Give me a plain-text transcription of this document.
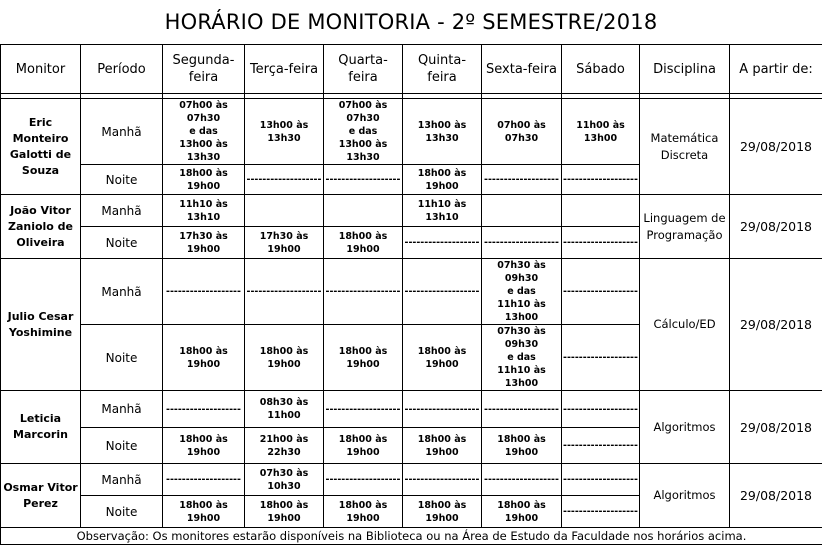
HORÁRIO DE MONITORIA - 2º SEMESTRE/2018
Monitor	Período	Segunda-
feira	Terça-feira	Quarta-
feira	Quinta-
feira	Sexta-feira	Sábado	Disciplina	A partir de:

Eric Monteiro
Galotti de
Souza	Manhã	07h00 às 07h30
e das
13h00 às 13h30	13h00 às 13h30	07h00 às 07h30
e das
13h00 às 13h30	13h00 às 13h30	07h00 às 07h30	11h00 às 13h00	Matemática
Discreta	29/08/2018
	Noite	18h00 às 19h00	-------------------	-------------------	18h00 às 19h00	-------------------	-------------------		
João Vitor
Zaniolo de
Oliveira	Manhã	11h10 às 13h10			11h10 às 13h10			Linguagem de
Programação	29/08/2018
	Noite	17h30 às 19h00	17h30 às 19h00	18h00 às 19h00	-------------------	-------------------	-------------------		
Julio Cesar
Yoshimine	Manhã	-------------------	-------------------	-------------------	-------------------	07h30 às 09h30
e das
11h10 às 13h00	-------------------	Cálculo/ED	29/08/2018
	Noite	18h00 às 19h00	18h00 às 19h00	18h00 às 19h00	18h00 às 19h00	07h30 às 09h30
e das
11h10 às 13h00	-------------------		
Leticia
Marcorin	Manhã	-------------------	08h30 às 11h00	-------------------	-------------------	-------------------	-------------------	Algoritmos	29/08/2018
	Noite	18h00 às 19h00	21h00 às 22h30	18h00 às 19h00	18h00 às 19h00	18h00 às 19h00	-------------------		
Osmar Vitor
Perez	Manhã	-------------------	07h30 às 10h30	-------------------	-------------------	-------------------	-------------------	Algoritmos	29/08/2018
	Noite	18h00 às 19h00	18h00 às 19h00	18h00 às 19h00	18h00 às 19h00	18h00 às 19h00	-------------------		
Observação: Os monitores estarão disponíveis na Biblioteca ou na Área de Estudo da Faculdade nos horários acima.									
